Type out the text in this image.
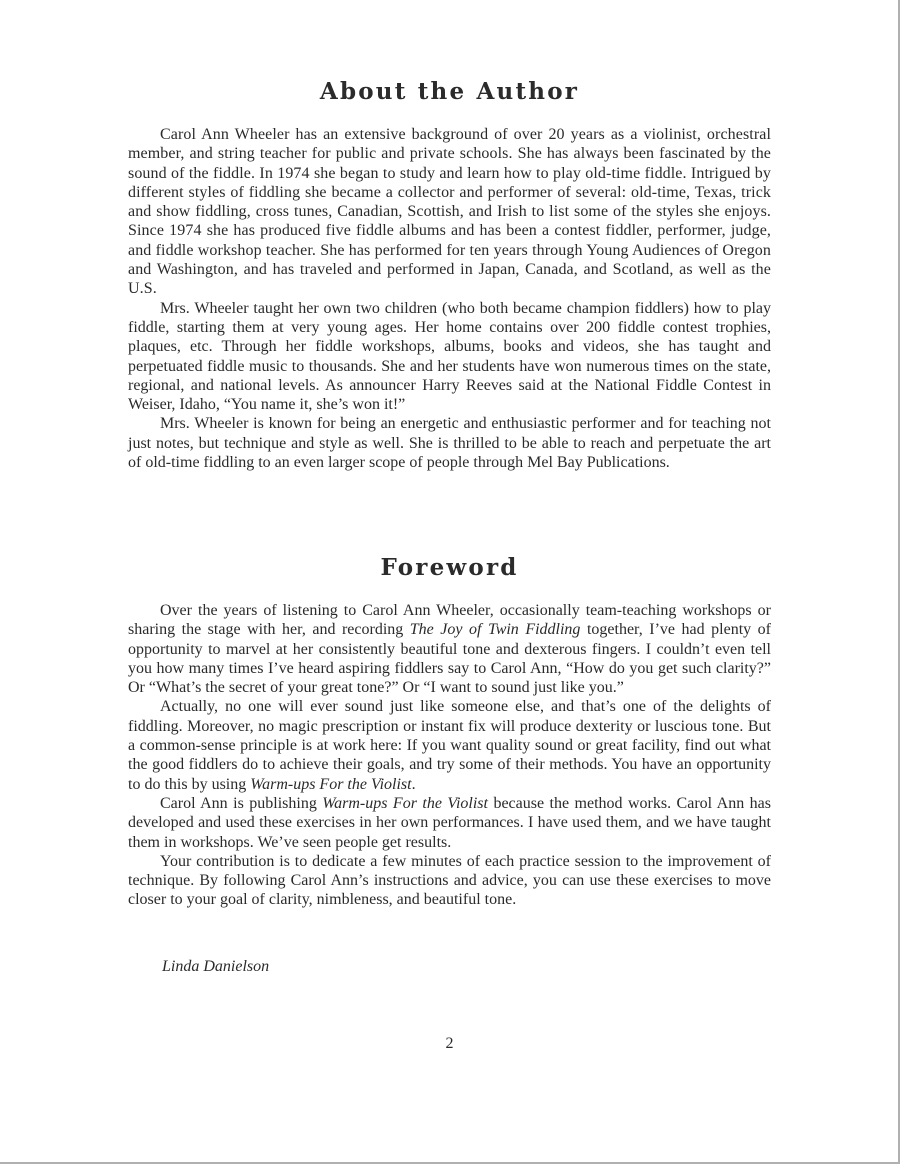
About the Author

Carol Ann Wheeler has an extensive background of over 20 years as a violinist, orchestral member, and string teacher for public and private schools. She has always been fascinated by the sound of the fiddle. In 1974 she began to study and learn how to play old-time fiddle. Intrigued by different styles of fiddling she became a collector and performer of several: old-time, Texas, trick and show fiddling, cross tunes, Canadian, Scottish, and Irish to list some of the styles she enjoys. Since 1974 she has produced five fiddle albums and has been a contest fiddler, performer, judge, and fiddle workshop teacher. She has performed for ten years through Young Audiences of Oregon and Washington, and has traveled and performed in Japan, Canada, and Scotland, as well as the U.S.

Mrs. Wheeler taught her own two children (who both became champion fiddlers) how to play fiddle, starting them at very young ages. Her home contains over 200 fiddle contest trophies, plaques, etc. Through her fiddle workshops, albums, books and videos, she has taught and perpetuated fiddle music to thousands. She and her students have won numerous times on the state, regional, and national levels. As announcer Harry Reeves said at the National Fiddle Contest in Weiser, Idaho, “You name it, she’s won it!”

Mrs. Wheeler is known for being an energetic and enthusiastic performer and for teaching not just notes, but technique and style as well. She is thrilled to be able to reach and perpetuate the art of old-time fiddling to an even larger scope of people through Mel Bay Publications.

Foreword

Over the years of listening to Carol Ann Wheeler, occasionally team-teaching workshops or sharing the stage with her, and recording The Joy of Twin Fiddling together, I’ve had plenty of opportunity to marvel at her consistently beautiful tone and dexterous fingers. I couldn’t even tell you how many times I’ve heard aspiring fiddlers say to Carol Ann, “How do you get such clarity?” Or “What’s the secret of your great tone?” Or “I want to sound just like you.”

Actually, no one will ever sound just like someone else, and that’s one of the delights of fiddling. Moreover, no magic prescription or instant fix will produce dexterity or luscious tone. But a common-sense principle is at work here: If you want quality sound or great facility, find out what the good fiddlers do to achieve their goals, and try some of their methods. You have an opportunity to do this by using Warm-ups For the Violist.

Carol Ann is publishing Warm-ups For the Violist because the method works. Carol Ann has developed and used these exercises in her own performances. I have used them, and we have taught them in workshops. We’ve seen people get results.

Your contribution is to dedicate a few minutes of each practice session to the improvement of technique. By following Carol Ann’s instructions and advice, you can use these exercises to move closer to your goal of clarity, nimbleness, and beautiful tone.

Linda Danielson
2
